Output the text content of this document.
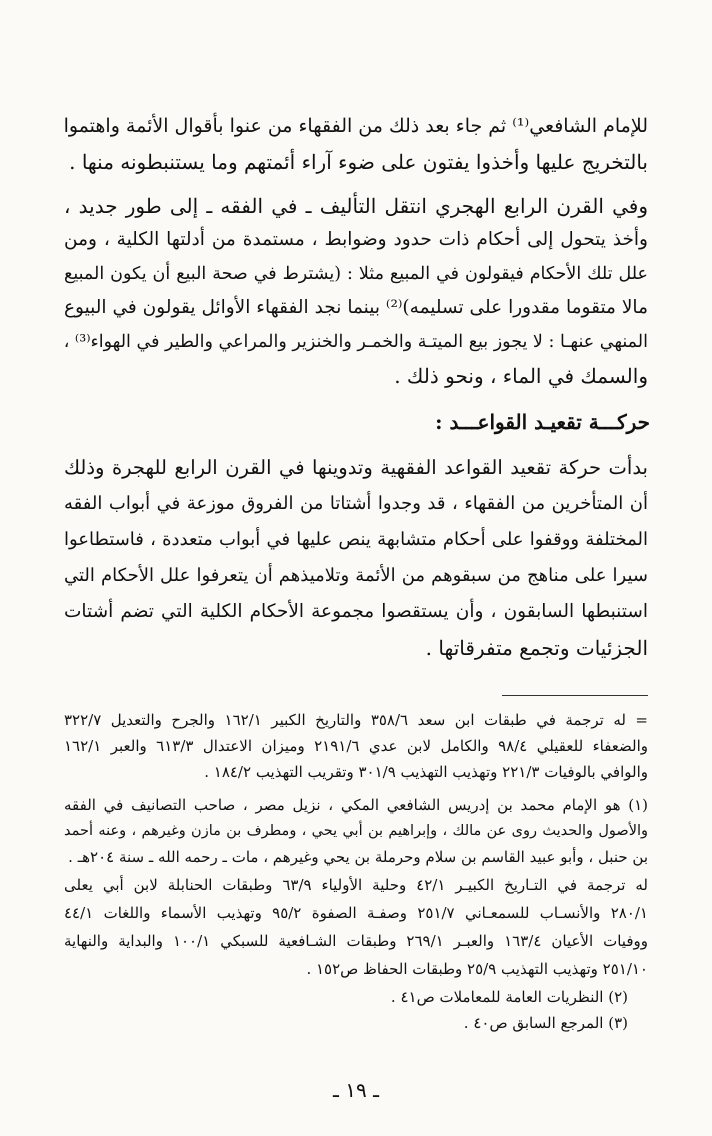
للإمام الشافعي⁽¹⁾ ثم جاء بعد ذلك من الفقهاء من عنوا بأقوال الأئمة واهتموا
بالتخريج عليها وأخذوا يفتون على ضوء آراء أئمتهم وما يستنبطونه منها .
وفي القرن الرابع الهجري انتقل التأليف ـ في الفقه ـ إلى طور جديد ،
وأخذ يتحول إلى أحكام ذات حدود وضوابط ، مستمدة من أدلتها الكلية ، ومن
علل تلك الأحكام فيقولون في المبيع مثلا : (يشترط في صحة البيع أن يكون المبيع
مالا متقوما مقدورا على تسليمه)⁽²⁾ بينما نجد الفقهاء الأوائل يقولون في البيوع
المنهي عنهـا : لا يجوز بيع الميتـة والخمـر والخنزير والمراعي والطير في الهواء⁽³⁾ ،
والسمك في الماء ، ونحو ذلك .
حركـــة تقعيـد القواعـــد :
بدأت حركة تقعيد القواعد الفقهية وتدوينها في القرن الرابع للهجرة وذلك
أن المتأخرين من الفقهاء ، قد وجدوا أشتاتا من الفروق موزعة في أبواب الفقه
المختلفة ووقفوا على أحكام متشابهة ينص عليها في أبواب متعددة ، فاستطاعوا
سيرا على مناهج من سبقوهم من الأئمة وتلاميذهم أن يتعرفوا علل الأحكام التي
استنبطها السابقون ، وأن يستقصوا مجموعة الأحكام الكلية التي تضم أشتات
الجزئيات وتجمع متفرقاتها .
= له ترجمة في طبقات ابن سعد ٣٥٨/٦ والتاريخ الكبير ١٦٢/١ والجرح والتعديل ٣٢٢/٧
والضعفاء للعقيلي ٩٨/٤ والكامل لابن عدي ٢١٩١/٦ وميزان الاعتدال ٦١٣/٣ والعبر ١٦٢/١
والوافي بالوفيات ٢٢١/٣ وتهذيب التهذيب ٣٠١/٩ وتقريب التهذيب ١٨٤/٢ .
(١) هو الإمام محمد بن إدريس الشافعي المكي ، نزيل مصر ، صاحب التصانيف في الفقه
والأصول والحديث روى عن مالك ، وإبراهيم بن أبي يحي ، ومطرف بن مازن وغيرهم ، وعنه أحمد
بن حنبل ، وأبو عبيد القاسم بن سلام وحرملة بن يحي وغيرهم ، مات ـ رحمه الله ـ سنة ٢٠٤هـ .
له ترجمة في التـاريخ الكبيـر ٤٢/١ وحلية الأولياء ٦٣/٩ وطبقات الحنابلة لابن أبي يعلى
٢٨٠/١ والأنسـاب للسمعـاني ٢٥١/٧ وصفـة الصفوة ٩٥/٢ وتهذيب الأسماء واللغات ٤٤/١
ووفيات الأعيان ١٦٣/٤ والعبـر ٢٦٩/١ وطبقات الشـافعية للسبكي ١٠٠/١ والبداية والنهاية
٢٥١/١٠ وتهذيب التهذيب ٢٥/٩ وطبقات الحفاظ ص١٥٢ .
(٢) النظريات العامة للمعاملات ص٤١ .
(٣) المرجع السابق ص٤٠ .
ـ ١٩ ـ
